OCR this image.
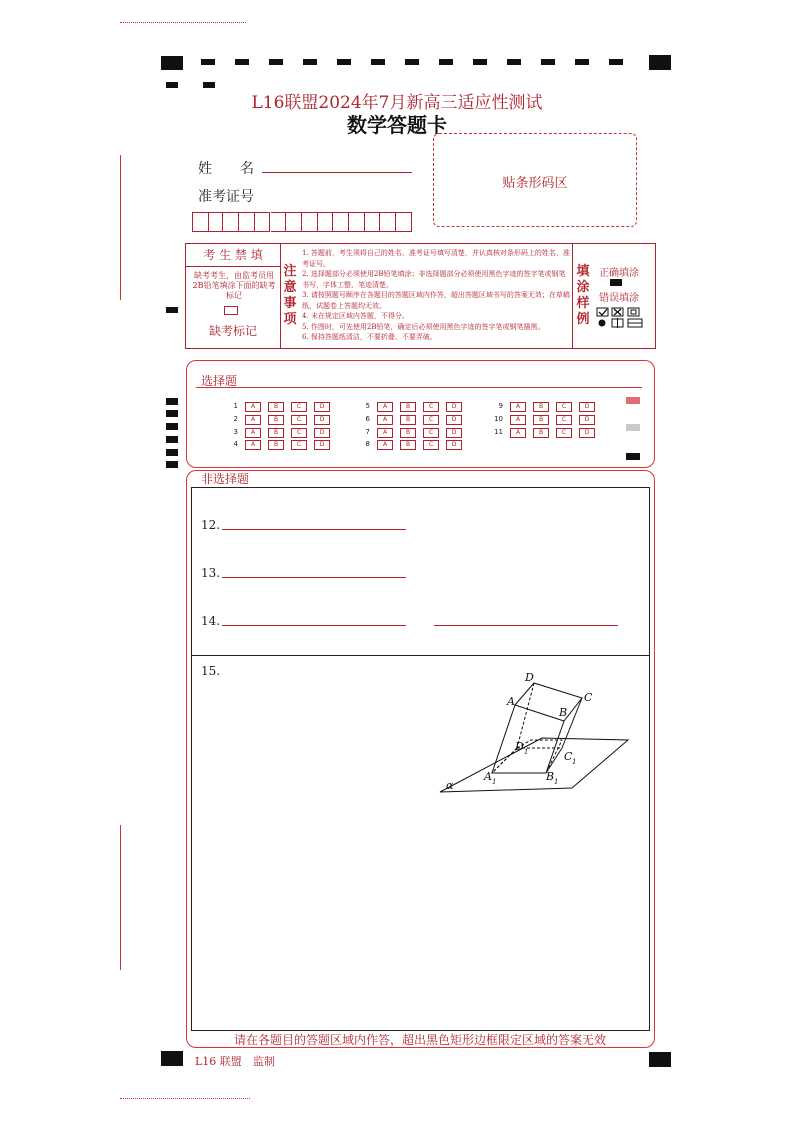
L16联盟2024年7月新高三适应性测试
数学答题卡
姓　　名
准考证号
贴条形码区
考 生 禁 填
缺考考生，由监考员用2B铅笔填涂下面的缺考标记
缺考标记
注意事项
1. 答题前，考生须将自己的姓名、准考证号填写清楚，并认真核对条形码上的姓名、准考证号。
2. 选择题部分必须使用2B铅笔填涂；非选择题部分必须使用黑色字迹的签字笔或钢笔书写，字体工整、笔迹清楚。
3. 请按照题号顺序在各题目的答题区域内作答，超出答题区域书写的答案无效；在草稿纸、试题卷上答题均无效。
4. 未在规定区域内答题，不得分。
5. 作图时，可先使用2B铅笔，确定后必须使用黑色字迹的签字笔或钢笔描黑。
6. 保持答题纸清洁，不要折叠、不要弄破。
填涂样例
正确填涂
错误填涂
选择题
1	A	B	C	D
2	A	B	C	D
3	A	B	C	D
4	A	B	C	D
5	A	B	C	D
6	A	B	C	D
7	A	B	C	D
8	A	B	C	D
9	A	B	C	D
10	A	B	C	D
11	A	B	C	D
非选择题
12.
13.
14.
15.	D
C
A
B
D 1	C 1
A 1	B 1
α
请在各题目的答题区域内作答，超出黑色矩形边框限定区域的答案无效
L16 联盟 监制
